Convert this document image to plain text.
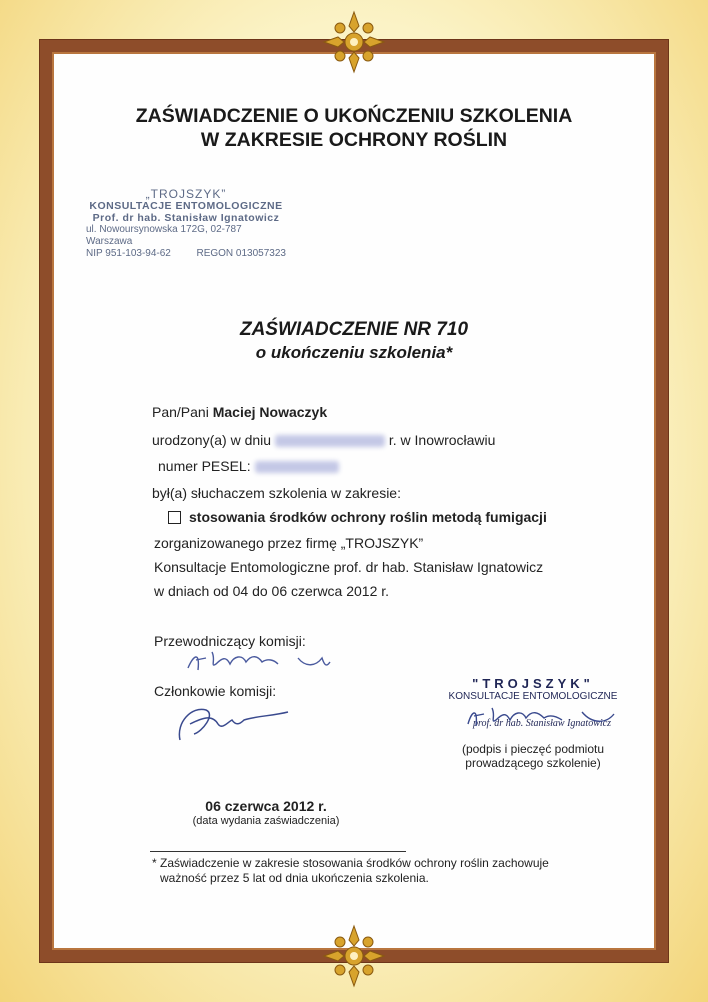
ZAŚWIADCZENIE O UKOŃCZENIU SZKOLENIA
W ZAKRESIE OCHRONY ROŚLIN
„TROJSZYK”
KONSULTACJE ENTOMOLOGICZNE
Prof. dr hab. Stanisław Ignatowicz
ul. Nowoursynowska 172G, 02-787 Warszawa
NIP 951-103-94-62	REGON 013057323
ZAŚWIADCZENIE NR 710
o ukończeniu szkolenia*
Pan/Pani Maciej Nowaczyk
urodzony(a) w dniu	r. w Inowrocławiu
numer PESEL:
był(a) słuchaczem szkolenia w zakresie:
stosowania środków ochrony roślin metodą fumigacji
zorganizowanego przez firmę „TROJSZYK”
Konsultacje Entomologiczne prof. dr hab. Stanisław Ignatowicz
w dniach od 04 do 06 czerwca 2012 r.
Przewodniczący komisji:
Członkowie komisji:	"TROJSZYK"
KONSULTACJE ENTOMOLOGICZNE
prof. dr hab. Stanisław Ignatowicz
(podpis i pieczęć podmiotu
prowadzącego szkolenie)
06 czerwca 2012 r.
(data wydania zaświadczenia)
* Zaświadczenie w zakresie stosowania środków ochrony roślin zachowuje
ważność przez 5 lat od dnia ukończenia szkolenia.
